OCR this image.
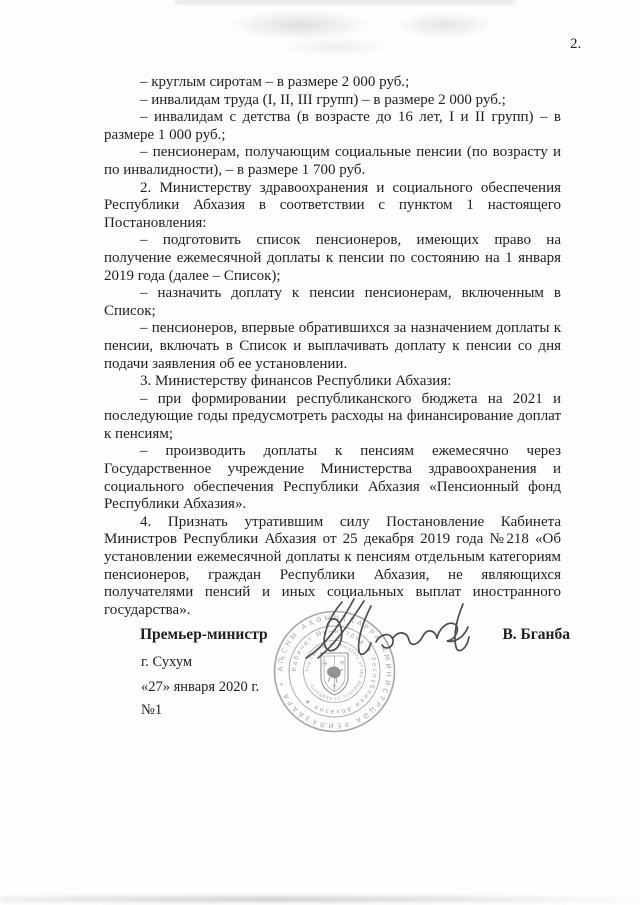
2.

– круглым сиротам – в размере 2 000 руб.;

– инвалидам труда (I, II, III групп) – в размере 2 000 руб.;

– инвалидам с детства (в возрасте до 16 лет, I и II групп) – в размере 1 000 руб.;

– пенсионерам, получающим социальные пенсии (по возрасту и по инвалидности), – в размере 1 700 руб.

2. Министерству здравоохранения и социального обеспечения Республики Абхазия в соответствии с пунктом 1 настоящего Постановления:

– подготовить список пенсионеров, имеющих право на получение ежемесячной доплаты к пенсии по состоянию на 1 января 2019 года (далее – Список);

– назначить доплату к пенсии пенсионерам, включенным в Список;

– пенсионеров, впервые обратившихся за назначением доплаты к пенсии, включать в Список и выплачивать доплату к пенсии со дня подачи заявления об ее установлении.

3. Министерству финансов Республики Абхазия:

– при формировании республиканского бюджета на 2021 и последующие годы предусмотреть расходы на финансирование доплат к пенсиям;

– производить доплаты к пенсиям ежемесячно через Государственное учреждение Министерства здравоохранения и социального обеспечения Республики Абхазия «Пенсионный фонд Республики Абхазия».

4. Признать утратившим силу Постановление Кабинета Министров Республики Абхазия от 25 декабря 2019 года №218 «Об установлении ежемесячной доплаты к пенсиям отдельным категориям пенсионеров, граждан Республики Абхазия, не являющихся получателями пенсий и иных социальных выплат иностранного государства».

Премьер-министр	В. Бганба
г. Сухум
«27» января 2020 г.
№1
АҦСНЫ АҲӘЫНҬҚАРРА АМИНИСТРЦӘА РЕИЛАЗААРА •
Кабинет Министров ★ Республики Абхазия ★
The Cabinet of Ministers of the Republic of Abkhazia
✳ ✳
✳
